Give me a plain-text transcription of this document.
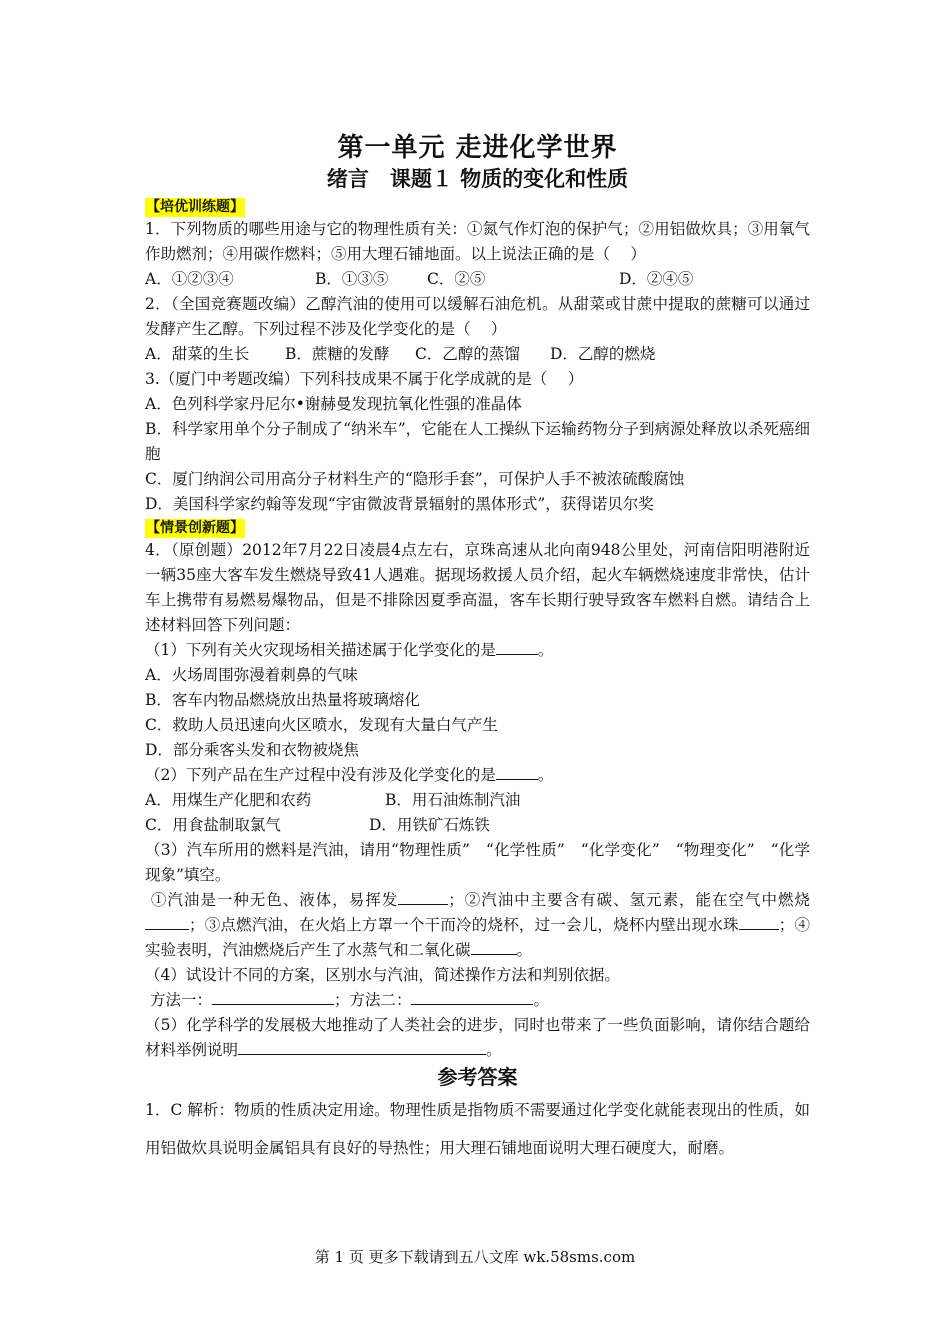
第一单元 走进化学世界
绪言　课题１ 物质的变化和性质
【培优训练题】

1．下列物质的哪些用途与它的物理性质有关：①氮气作灯泡的保护气；②用铝做炊具；③用氧气作助燃剂；④用碳作燃料；⑤用大理石铺地面。以上说法正确的是（　 ）

A．①②③④	B．①③⑤	C．②⑤	D．②④⑤

2．（全国竞赛题改编）乙醇汽油的使用可以缓解石油危机。从甜菜或甘蔗中提取的蔗糖可以通过发酵产生乙醇。下列过程不涉及化学变化的是（　 ）

A．甜菜的生长	B．蔗糖的发酵	C．乙醇的蒸馏	D．乙醇的燃烧

3.（厦门中考题改编）下列科技成果不属于化学成就的是（　 ）

A．色列科学家丹尼尔•谢赫曼发现抗氧化性强的准晶体

B．科学家用单个分子制成了“纳米车”，它能在人工操纵下运输药物分子到病源处释放以杀死癌细胞

C．厦门纳润公司用高分子材料生产的“隐形手套”，可保护人手不被浓硫酸腐蚀

D．美国科学家约翰等发现“宇宙微波背景辐射的黑体形式”，获得诺贝尔奖

【情景创新题】

4．（原创题）2012年7月22日凌晨4点左右，京珠高速从北向南948公里处，河南信阳明港附近一辆35座大客车发生燃烧导致41人遇难。据现场救援人员介绍，起火车辆燃烧速度非常快，估计车上携带有易燃易爆物品，但是不排除因夏季高温，客车长期行驶导致客车燃料自燃。请结合上述材料回答下列问题：

（1）下列有关火灾现场相关描述属于化学变化的是	。

A．火场周围弥漫着刺鼻的气味

B．客车内物品燃烧放出热量将玻璃熔化

C．救助人员迅速向火区喷水，发现有大量白气产生

D．部分乘客头发和衣物被烧焦

（2）下列产品在生产过程中没有涉及化学变化的是	。

A．用煤生产化肥和农药	B．用石油炼制汽油
C．用食盐制取氯气	D．用铁矿石炼铁

（3）汽车所用的燃料是汽油，请用“物理性质”　“化学性质”　“化学变化”　“物理变化”　“化学现象”填空。

①汽油是一种无色、液体，易挥发	；②汽油中主要含有碳、氢元素，能在空气中燃烧；③点燃汽油，在火焰上方罩一个干而冷的烧杯，过一会儿，烧杯内壁出现水珠	；④实验表明，汽油燃烧后产生了水蒸气和二氧化碳	。

（4）试设计不同的方案，区别水与汽油，简述操作方法和判别依据。

方法一：	；方法二：	。

（5）化学科学的发展极大地推动了人类社会的进步，同时也带来了一些负面影响，请你结合题给材料举例说明	。

参考答案

1．C 解析：物质的性质决定用途。物理性质是指物质不需要通过化学变化就能表现出的性质，如用铝做炊具说明金属铝具有良好的导热性；用大理石铺地面说明大理石硬度大，耐磨。

第 1 页 更多下载请到五八文库 wk.58sms.com
